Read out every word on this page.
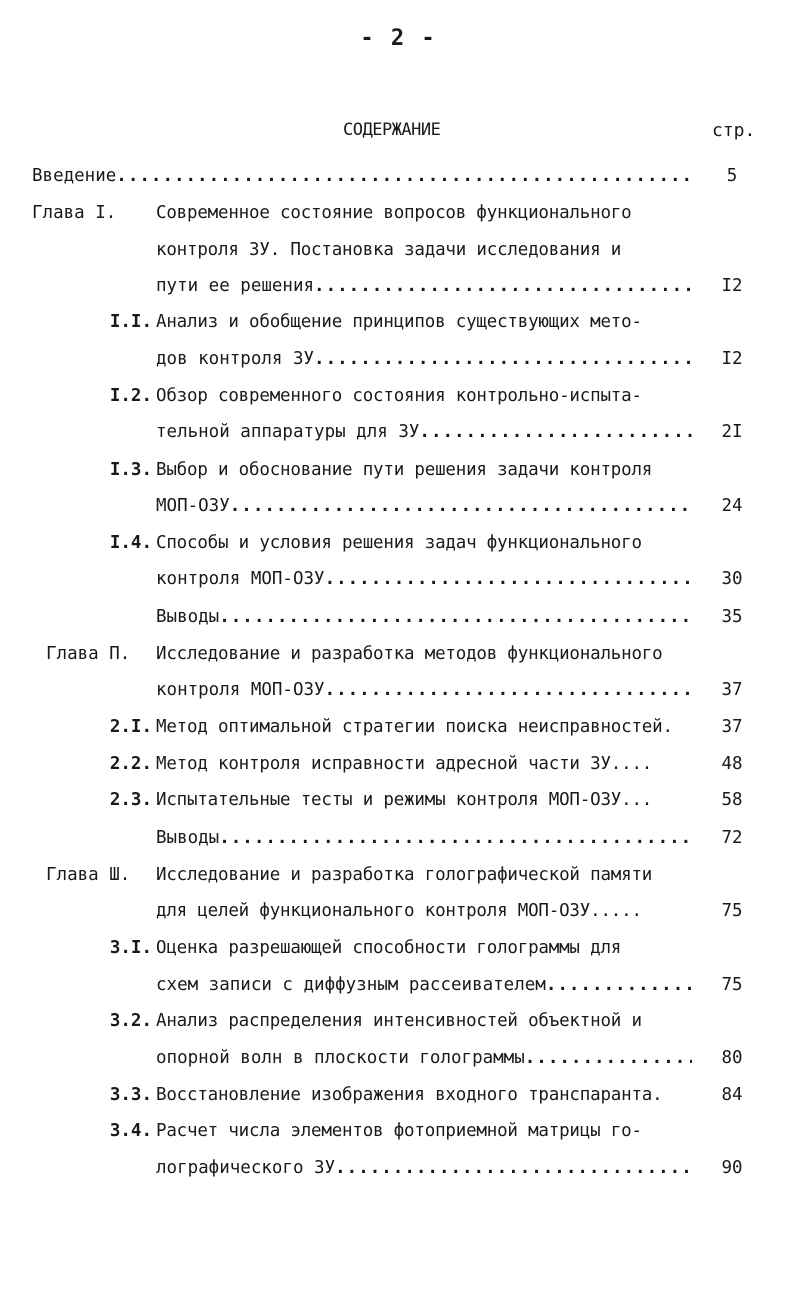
- 2 -
СОДЕРЖАНИЕ	стр.
Введение .....	5
Глава I. Современное состояние вопросов функционального
контроля ЗУ. Постановка задачи исследования и
пути ее решения .....	I2
I.I. Анализ и обобщение принципов существующих мето-
дов контроля ЗУ .....	I2
I.2. Обзор современного состояния контрольно-испыта-
тельной аппаратуры для ЗУ .....	2I
I.3. Выбор и обоснование пути решения задачи контроля
МОП-ОЗУ .....	24
I.4. Способы и условия решения задач функционального
контроля МОП-ОЗУ .....	30
Выводы .....	35
Глава П. Исследование и разработка методов функционального
контроля МОП-ОЗУ .....	37
2.I. Метод оптимальной стратегии поиска неисправностей.	37
2.2. Метод контроля исправности адресной части ЗУ....	48
2.3. Испытательные тесты и режимы контроля МОП-ОЗУ...	58
Выводы .....	72
Глава Ш. Исследование и разработка голографической памяти
для целей функционального контроля МОП-ОЗУ.....	75
3.I. Оценка разрешающей способности голограммы для
схем записи с диффузным рассеивателем .....	75
3.2. Анализ распределения интенсивностей объектной и
опорной волн в плоскости голограммы .....	80
3.3. Восстановление изображения входного транспаранта.	84
3.4. Расчет числа элементов фотоприемной матрицы го-
лографического ЗУ .....	90
